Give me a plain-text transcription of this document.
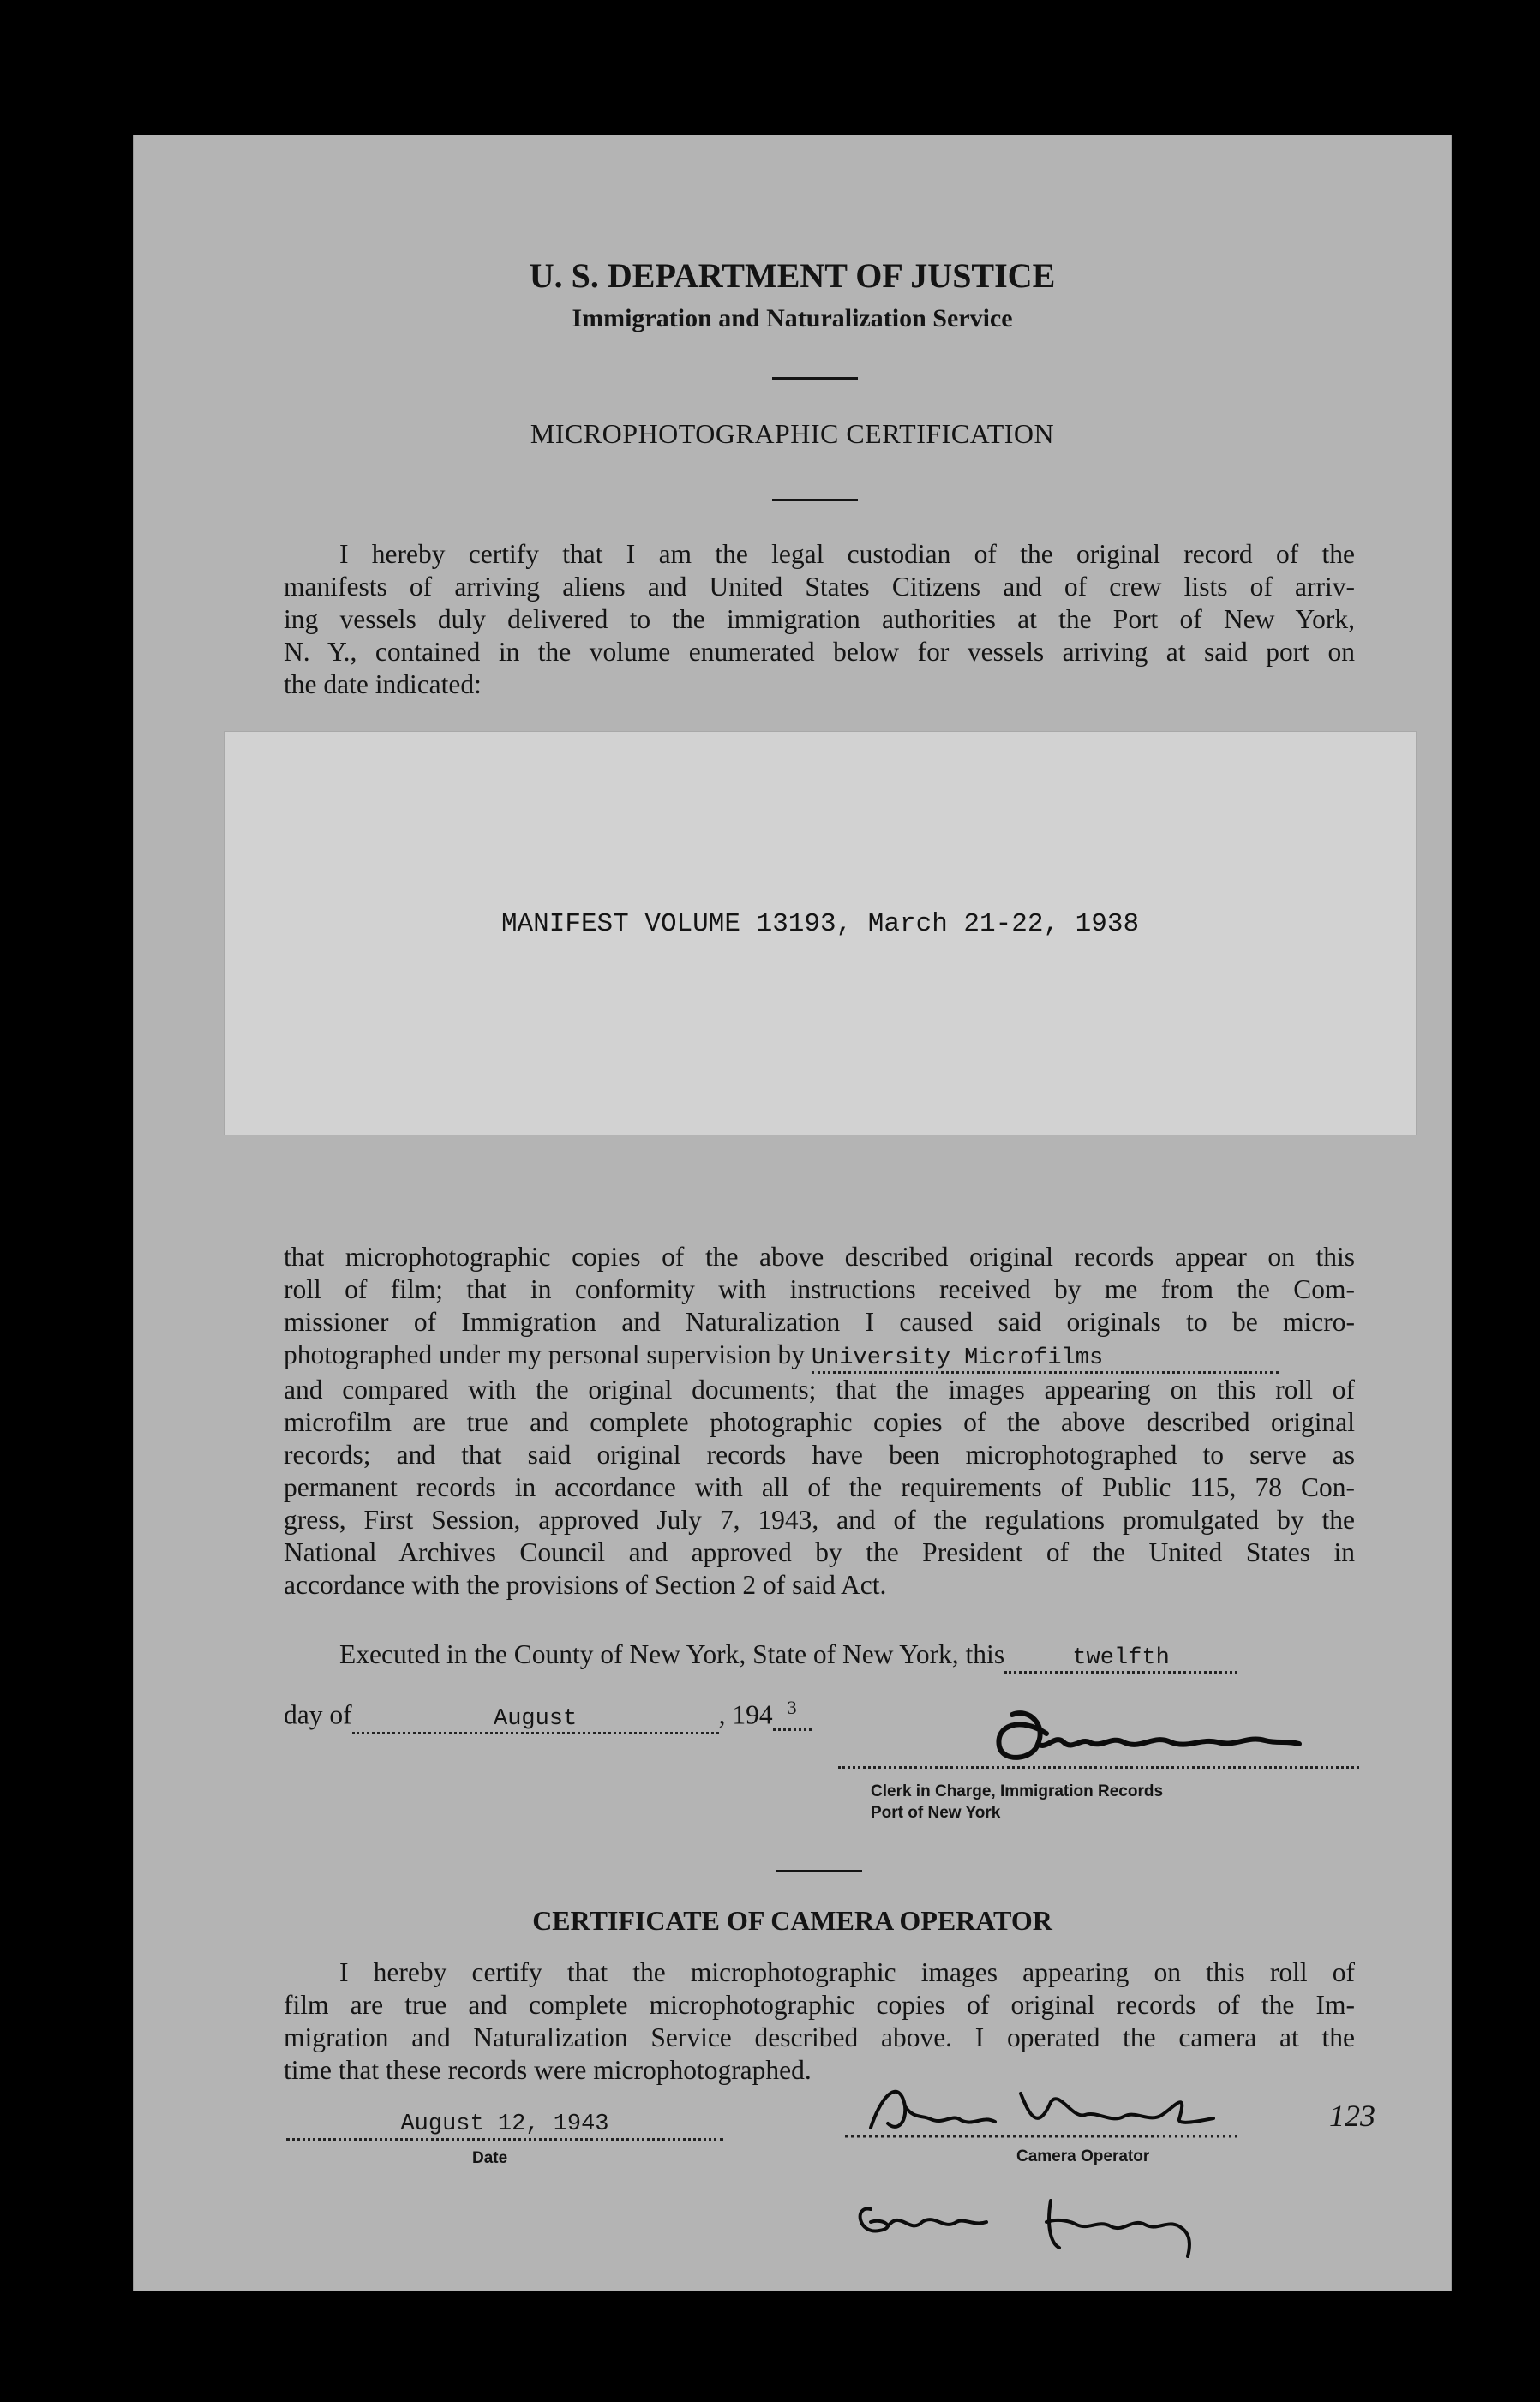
U. S. DEPARTMENT OF JUSTICE
Immigration and Naturalization Service
MICROPHOTOGRAPHIC CERTIFICATION
I hereby certify that I am the legal custodian of the original record of the
manifests of arriving aliens and United States Citizens and of crew lists of arriv-
ing vessels duly delivered to the immigration authorities at the Port of New York,
N. Y., contained in the volume enumerated below for vessels arriving at said port on
the date indicated:
MANIFEST VOLUME 13193, March 21-22, 1938
that microphotographic copies of the above described original records appear on this
roll of film; that in conformity with instructions received by me from the Com-
missioner of Immigration and Naturalization I caused said originals to be micro-
photographed under my personal supervision by University Microfilms
and compared with the original documents; that the images appearing on this roll of
microfilm are true and complete photographic copies of the above described original
records; and that said original records have been microphotographed to serve as
permanent records in accordance with all of the requirements of Public 115, 78 Con-
gress, First Session, approved July 7, 1943, and of the regulations promulgated by the
National Archives Council and approved by the President of the United States in
accordance with the provisions of Section 2 of said Act.
Executed in the County of New York, State of New York, this	twelfth
day of	August	, 194 $^3$
Clerk in Charge, Immigration Records
Port of New York
CERTIFICATE OF CAMERA OPERATOR
I hereby certify that the microphotographic images appearing on this roll of
film are true and complete microphotographic copies of original records of the Im-
migration and Naturalization Service described above. I operated the camera at the
time that these records were microphotographed.
August 12, 1943
Date
123
Camera Operator
